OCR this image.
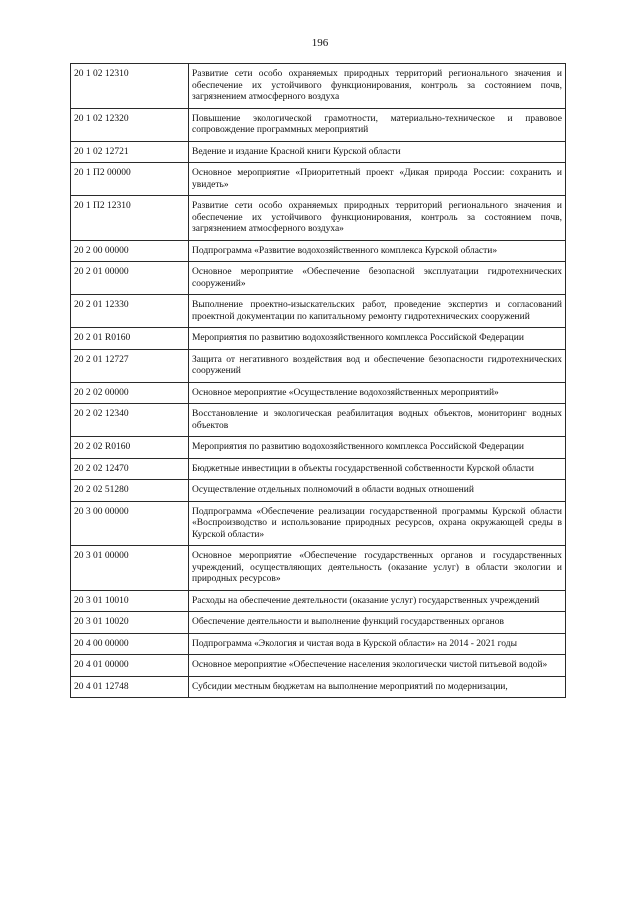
196
20 1 02 12310	Развитие сети особо охраняемых природных территорий регионального значения и обеспечение их устойчивого функционирования, контроль за состоянием почв, загрязнением атмосферного воздуха
20 1 02 12320	Повышение экологической грамотности, материально-техническое и правовое сопровождение программных мероприятий
20 1 02 12721	Ведение и издание Красной книги Курской области
20 1 П2 00000	Основное мероприятие «Приоритетный проект «Дикая природа России: сохранить и увидеть»
20 1 П2 12310	Развитие сети особо охраняемых природных территорий регионального значения и обеспечение их устойчивого функционирования, контроль за состоянием почв, загрязнением атмосферного воздуха»
20 2 00 00000	Подпрограмма «Развитие водохозяйственного комплекса Курской области»
20 2 01 00000	Основное мероприятие «Обеспечение безопасной эксплуатации гидротехнических сооружений»
20 2 01 12330	Выполнение проектно-изыскательских работ, проведение экспертиз и согласований проектной документации по капитальному ремонту гидротехнических сооружений
20 2 01 R0160	Мероприятия по развитию водохозяйственного комплекса Российской Федерации
20 2 01 12727	Защита от негативного воздействия вод и обеспечение безопасности гидротехнических сооружений
20 2 02 00000	Основное мероприятие «Осуществление водохозяйственных мероприятий»
20 2 02 12340	Восстановление и экологическая реабилитация водных объектов, мониторинг водных объектов
20 2 02 R0160	Мероприятия по развитию водохозяйственного комплекса Российской Федерации
20 2 02 12470	Бюджетные инвестиции в объекты государственной собственности Курской области
20 2 02 51280	Осуществление отдельных полномочий в области водных отношений
20 3 00 00000	Подпрограмма «Обеспечение реализации государственной программы Курской области «Воспроизводство и использование природных ресурсов, охрана окружающей среды в Курской области»
20 3 01 00000	Основное мероприятие «Обеспечение государственных органов и государственных учреждений, осуществляющих деятельность (оказание услуг) в области экологии и природных ресурсов»
20 3 01 10010	Расходы на обеспечение деятельности (оказание услуг) государственных учреждений
20 3 01 10020	Обеспечение деятельности и выполнение функций государственных органов
20 4 00 00000	Подпрограмма «Экология и чистая вода в Курской области» на 2014 - 2021 годы
20 4 01 00000	Основное мероприятие «Обеспечение населения экологически чистой питьевой водой»
20 4 01 12748	Субсидии местным бюджетам на выполнение мероприятий по модернизации,
